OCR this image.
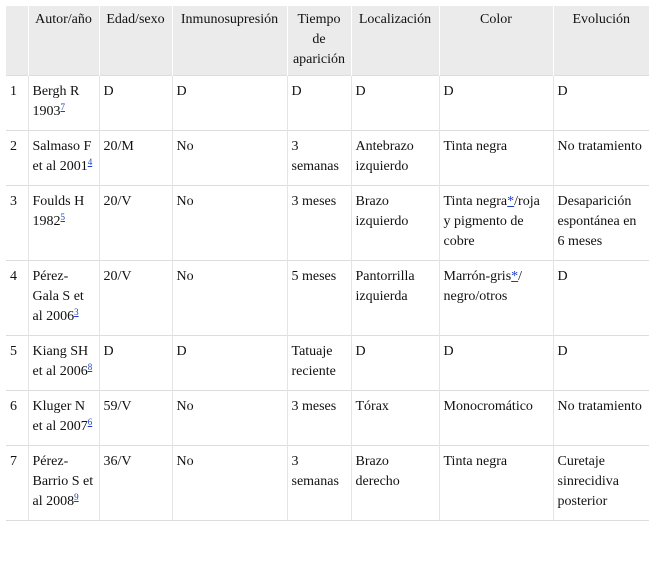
	Autor/año	Edad/sexo	Inmunosupresión	Tiempo de aparición	Localización	Color	Evolución
1	Bergh R 1903$^7$	D	D	D	D	D	D
2	Salmaso F et al 2001$^4$	20/M	No	3 semanas	Antebrazo izquierdo	Tinta negra	No tratamiento
3	Foulds H 1982$^5$	20/V	No	3 meses	Brazo izquierdo	Tinta negra*/roja y pigmento de cobre	Desaparición espontánea en 6 meses
4	Pérez-Gala S et al 2006$^3$	20/V	No	5 meses	Pantorrilla izquierda	Marrón-gris*/ negro/otros	D
5	Kiang SH et al 2006$^8$	D	D	Tatuaje reciente	D	D	D
6	Kluger N et al 2007$^6$	59/V	No	3 meses	Tórax	Monocromático	No tratamiento
7	Pérez-Barrio S et al 2008$^9$	36/V	No	3 semanas	Brazo derecho	Tinta negra	Curetaje sinrecidiva posterior
